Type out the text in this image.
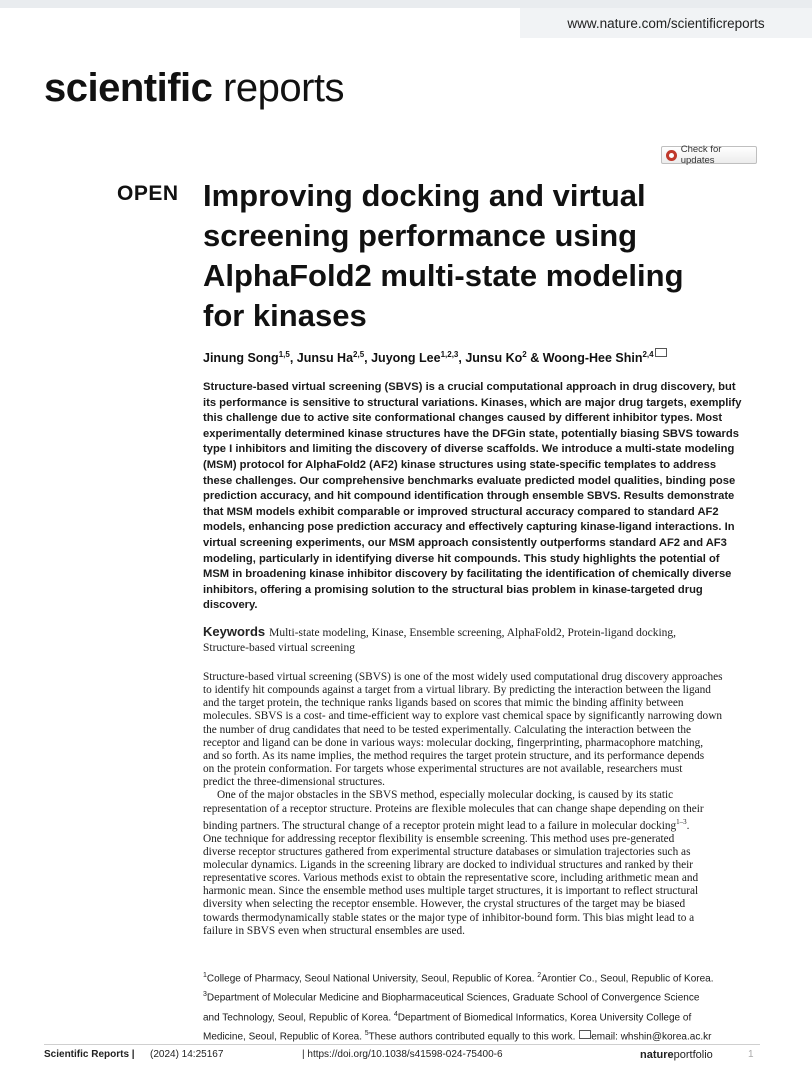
www.nature.com/scientificreports
scientific reports
Check for updates
OPEN Improving docking and virtual
screening performance using
AlphaFold2 multi-state modeling
for kinases
Jinung Song$^{1,5}$, Junsu Ha$^{2,5}$, Juyong Lee$^{1,2,3}$, Junsu Ko$^2$ & Woong-Hee Shin$^{2,4}$
Structure-based virtual screening (SBVS) is a crucial computational approach in drug discovery, but
its performance is sensitive to structural variations. Kinases, which are major drug targets, exemplify
this challenge due to active site conformational changes caused by different inhibitor types. Most
experimentally determined kinase structures have the DFGin state, potentially biasing SBVS towards
type I inhibitors and limiting the discovery of diverse scaffolds. We introduce a multi-state modeling
(MSM) protocol for AlphaFold2 (AF2) kinase structures using state-specific templates to address
these challenges. Our comprehensive benchmarks evaluate predicted model qualities, binding pose
prediction accuracy, and hit compound identification through ensemble SBVS. Results demonstrate
that MSM models exhibit comparable or improved structural accuracy compared to standard AF2
models, enhancing pose prediction accuracy and effectively capturing kinase-ligand interactions. In
virtual screening experiments, our MSM approach consistently outperforms standard AF2 and AF3
modeling, particularly in identifying diverse hit compounds. This study highlights the potential of
MSM in broadening kinase inhibitor discovery by facilitating the identification of chemically diverse
inhibitors, offering a promising solution to the structural bias problem in kinase-targeted drug
discovery.
Keywords Multi-state modeling, Kinase, Ensemble screening, AlphaFold2, Protein-ligand docking,
Structure-based virtual screening
Structure-based virtual screening (SBVS) is one of the most widely used computational drug discovery approaches
to identify hit compounds against a target from a virtual library. By predicting the interaction between the ligand
and the target protein, the technique ranks ligands based on scores that mimic the binding affinity between
molecules. SBVS is a cost- and time-efficient way to explore vast chemical space by significantly narrowing down
the number of drug candidates that need to be tested experimentally. Calculating the interaction between the
receptor and ligand can be done in various ways: molecular docking, fingerprinting, pharmacophore matching,
and so forth. As its name implies, the method requires the target protein structure, and its performance depends
on the protein conformation. For targets whose experimental structures are not available, researchers must
predict the three-dimensional structures.
One of the major obstacles in the SBVS method, especially molecular docking, is caused by its static
representation of a receptor structure. Proteins are flexible molecules that can change shape depending on their
binding partners. The structural change of a receptor protein might lead to a failure in molecular docking$^{1-3}$.
One technique for addressing receptor flexibility is ensemble screening. This method uses pre-generated
diverse receptor structures gathered from experimental structure databases or simulation trajectories such as
molecular dynamics. Ligands in the screening library are docked to individual structures and ranked by their
representative scores. Various methods exist to obtain the representative score, including arithmetic mean and
harmonic mean. Since the ensemble method uses multiple target structures, it is important to reflect structural
diversity when selecting the receptor ensemble. However, the crystal structures of the target may be biased
towards thermodynamically stable states or the major type of inhibitor-bound form. This bias might lead to a
failure in SBVS even when structural ensembles are used.
$^1$College of Pharmacy, Seoul National University, Seoul, Republic of Korea. $^2$Arontier Co., Seoul, Republic of Korea.
$^3$Department of Molecular Medicine and Biopharmaceutical Sciences, Graduate School of Convergence Science
and Technology, Seoul, Republic of Korea. $^4$Department of Biomedical Informatics, Korea University College of
Medicine, Seoul, Republic of Korea. $^5$These authors contributed equally to this work. email: whshin@korea.ac.kr
Scientific Reports | (2024) 14:25167	| https://doi.org/10.1038/s41598-024-75400-6	natureportfolio	1
